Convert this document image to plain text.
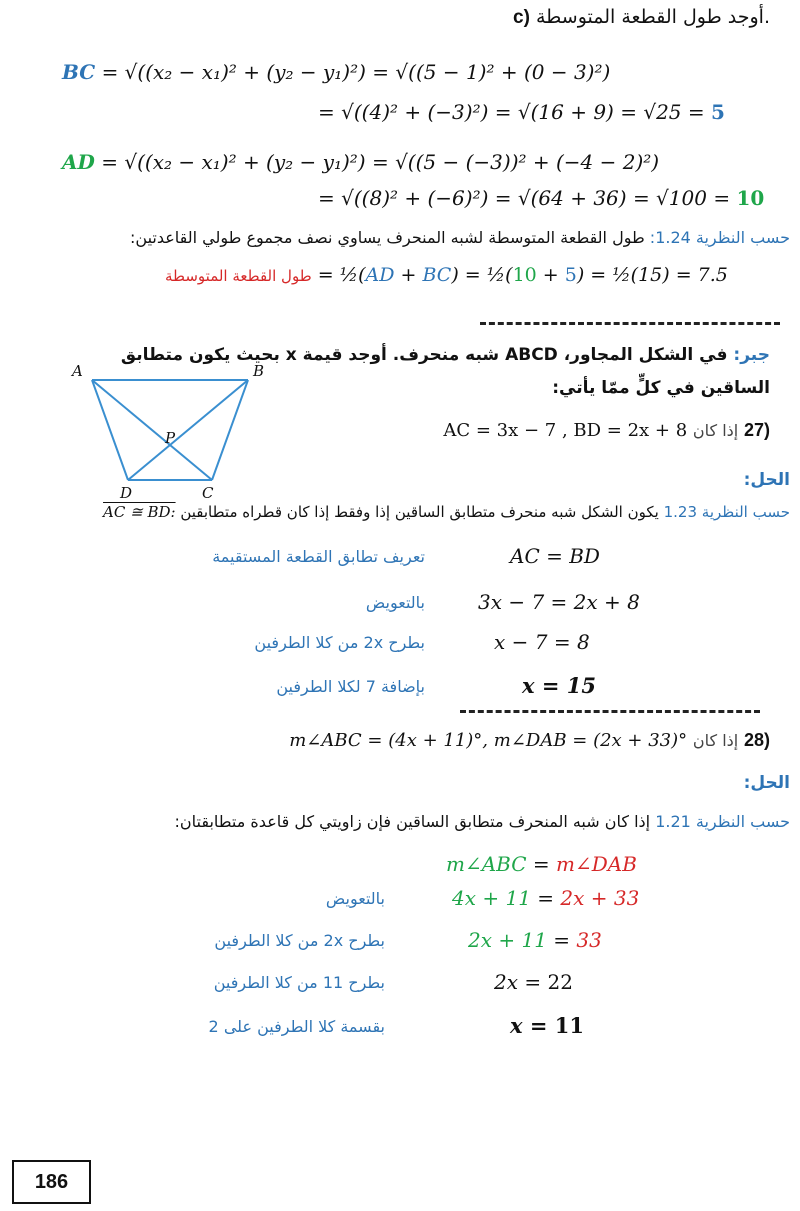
c) أوجد طول القطعة المتوسطة.
BC = √((x₂ − x₁)² + (y₂ − y₁)²) = √((5 − 1)² + (0 − 3)²)
= √((4)² + (−3)²) = √(16 + 9) = √25 = 5
AD = √((x₂ − x₁)² + (y₂ − y₁)²) = √((5 − (−3))² + (−4 − 2)²)
= √((8)² + (−6)²) = √(64 + 36) = √100 = 10
حسب النظرية 1.24: طول القطعة المتوسطة لشبه المنحرف يساوي نصف مجموع طولي القاعدتين:
طول القطعة المتوسطة = ½(AD + BC) = ½(10 + 5) = ½(15) = 7.5
جبر: في الشكل المجاور، ABCD شبه منحرف. أوجد قيمة x بحيث يكون متطابق
الساقين في كلٍّ ممّا يأتي:
A	B
C
D
P	AC = 3x − 7 , BD = 2x + 8 إذا كان 27)
الحل:
حسب النظرية 1.23 يكون الشكل شبه منحرف متطابق الساقين إذا وفقط إذا كان قطراه متطابقين AC ≅ BD:
تعريف تطابق القطعة المستقيمة	AC = BD
بالتعويض	3x − 7 = 2x + 8
بطرح 2x من كلا الطرفين	x − 7 = 8
بإضافة 7 لكلا الطرفين	x = 15
m∠ABC = (4x + 11)°, m∠DAB = (2x + 33)° إذا كان 28)
الحل:
حسب النظرية 1.21 إذا كان شبه المنحرف متطابق الساقين فإن زاويتي كل قاعدة متطابقتان:
m∠ABC = m∠DAB
بالتعويض	4x + 11 = 2x + 33
بطرح 2x من كلا الطرفين	2x + 11 = 33
بطرح 11 من كلا الطرفين	2x = 22
بقسمة كلا الطرفين على 2	x = 11
186
